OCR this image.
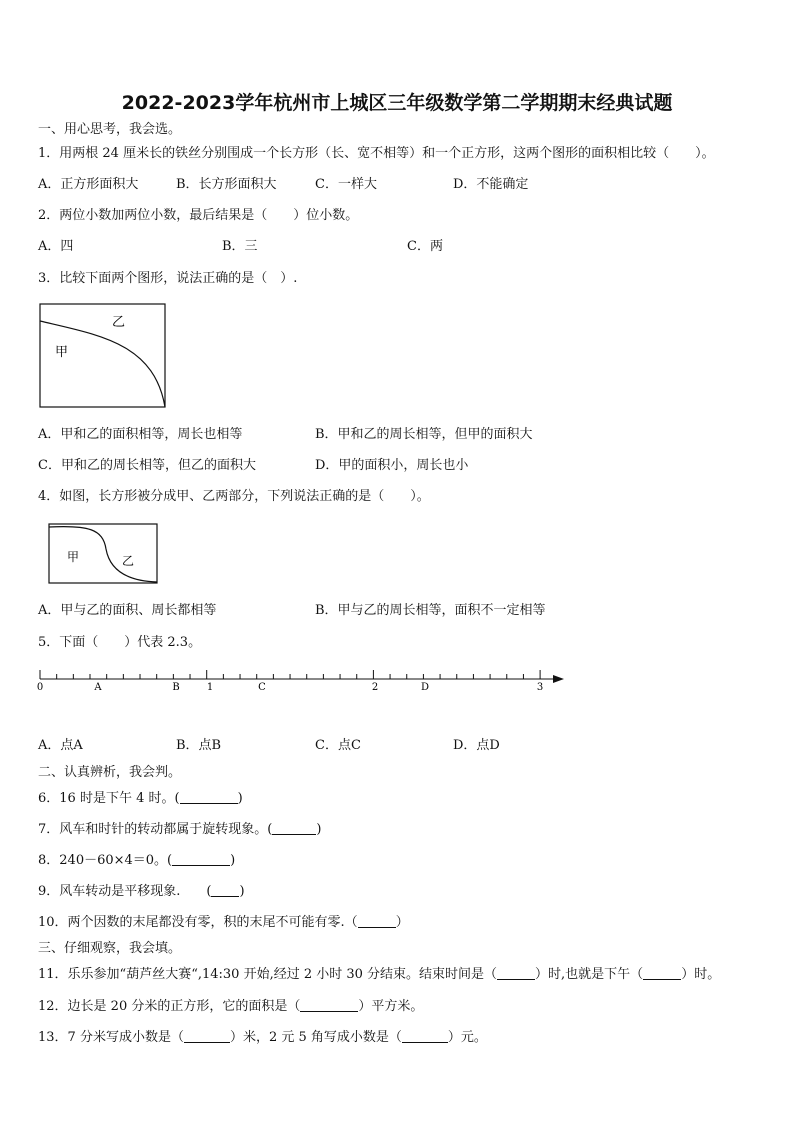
2022-2023学年杭州市上城区三年级数学第二学期期末经典试题
一、用心思考，我会选。
1．用两根 24 厘米长的铁丝分别围成一个长方形（长、宽不相等）和一个正方形，这两个图形的面积相比较（　　）。
A．正方形面积大	B．长方形面积大	C．一样大	D．不能确定
2．两位小数加两位小数，最后结果是（　　）位小数。
A．四	B．三	C．两
3．比较下面两个图形，说法正确的是（　）.
甲
乙
A．甲和乙的面积相等，周长也相等	B．甲和乙的周长相等，但甲的面积大
C．甲和乙的周长相等，但乙的面积大	D．甲的面积小，周长也小
4．如图，长方形被分成甲、乙两部分，下列说法正确的是（　　）。
甲	乙
A．甲与乙的面积、周长都相等	B．甲与乙的周长相等，面积不一定相等
5．下面（　　）代表 2.3。
0	1	2	3
A	B	C	D
A．点A	B．点B	C．点C	D．点D
二、认真辨析，我会判。
6．16 时是下午 4 时。(	)
7．风车和时针的转动都属于旋转现象。(	)
8．240－60×4＝0。(	)
9．风车转动是平移现象.　　( )
10．两个因数的末尾都没有零，积的末尾不可能有零.（	）
三、仔细观察，我会填。
11．乐乐参加“葫芦丝大赛“,14:30 开始,经过 2 小时 30 分结束。结束时间是（	）时,也就是下午（	）时。
12．边长是 20 分米的正方形，它的面积是（	）平方米。
13．7 分米写成小数是（	）米，2 元 5 角写成小数是（	）元。
